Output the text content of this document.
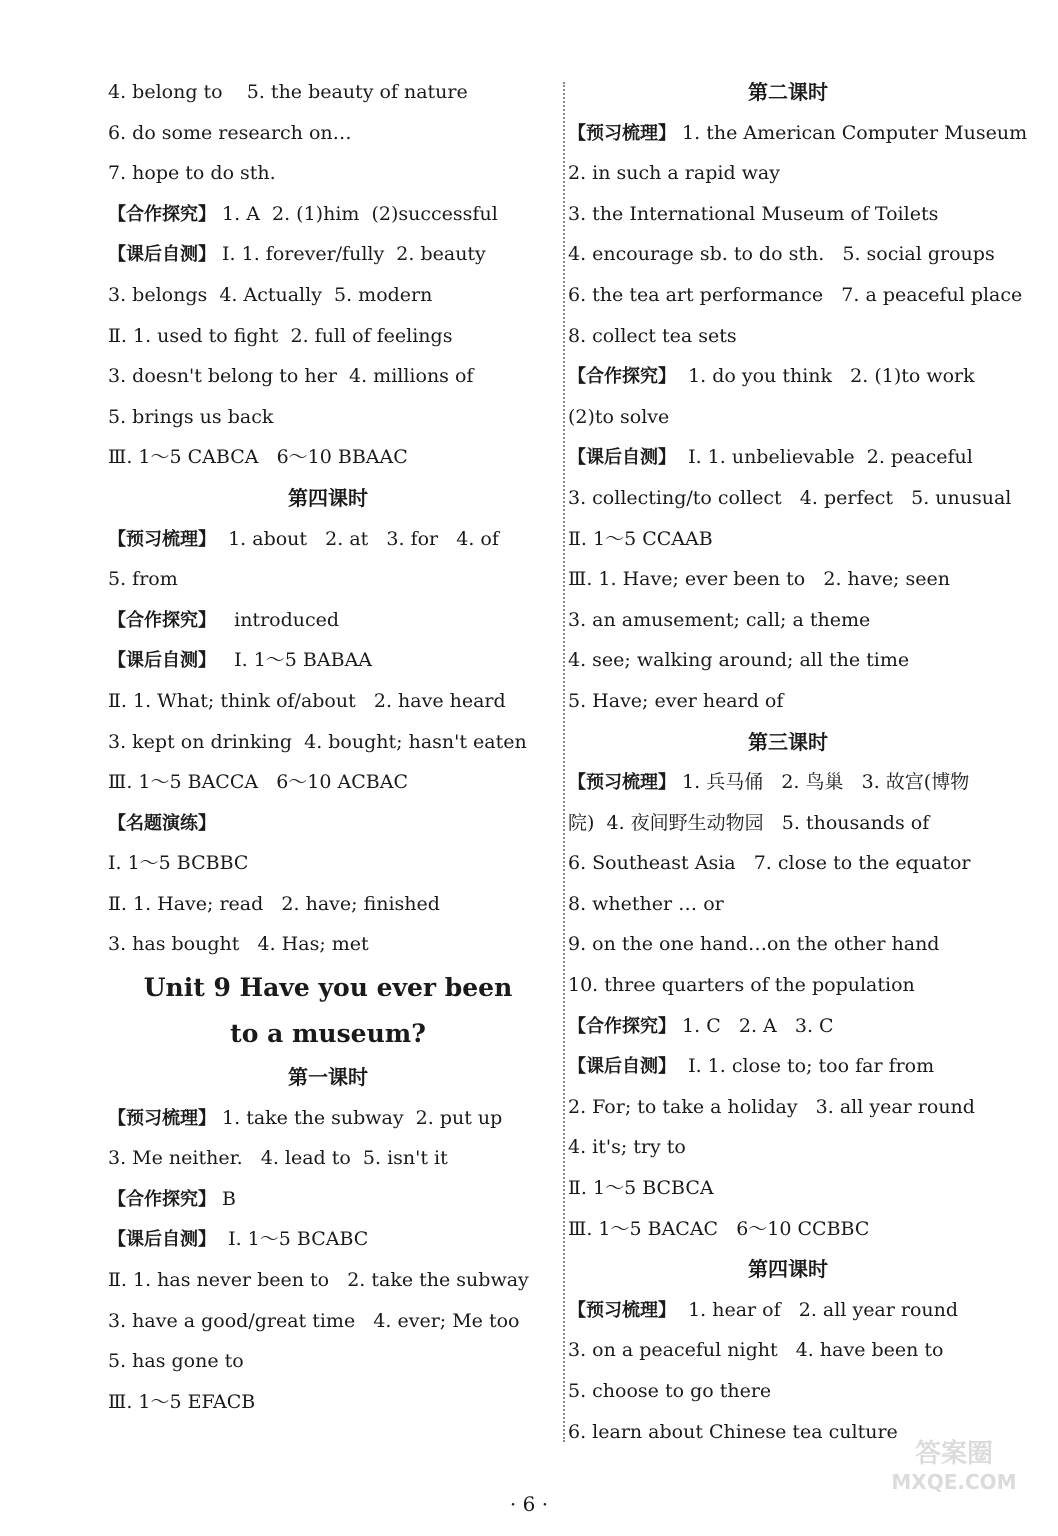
4. belong to    5. the beauty of nature
6. do some research on…
7. hope to do sth.
【合作探究】 1. A  2. (1)him  (2)successful
【课后自测】 Ⅰ. 1. forever/fully  2. beauty
3. belongs  4. Actually  5. modern
Ⅱ. 1. used to fight  2. full of feelings
3. doesn't belong to her  4. millions of
5. brings us back
Ⅲ. 1～5 CABCA   6～10 BBAAC
第四课时
【预习梳理】  1. about   2. at   3. for   4. of
5. from
【合作探究】   introduced
【课后自测】   Ⅰ. 1～5 BABAA
Ⅱ. 1. What; think of/about   2. have heard
3. kept on drinking  4. bought; hasn't eaten
Ⅲ. 1～5 BACCA   6～10 ACBAC
【名题演练】
Ⅰ. 1～5 BCBBC
Ⅱ. 1. Have; read   2. have; finished
3. has bought   4. Has; met
Unit 9 Have you ever been
to a museum?
第一课时
【预习梳理】 1. take the subway  2. put up
3. Me neither.   4. lead to  5. isn't it
【合作探究】 B
【课后自测】  Ⅰ. 1～5 BCABC
Ⅱ. 1. has never been to   2. take the subway
3. have a good/great time   4. ever; Me too
5. has gone to
Ⅲ. 1～5 EFACB
第二课时
【预习梳理】 1. the American Computer Museum
2. in such a rapid way
3. the International Museum of Toilets
4. encourage sb. to do sth.   5. social groups
6. the tea art performance   7. a peaceful place
8. collect tea sets
【合作探究】  1. do you think   2. (1)to work
(2)to solve
【课后自测】  Ⅰ. 1. unbelievable  2. peaceful
3. collecting/to collect   4. perfect   5. unusual
Ⅱ. 1～5 CCAAB
Ⅲ. 1. Have; ever been to   2. have; seen
3. an amusement; call; a theme
4. see; walking around; all the time
5. Have; ever heard of
第三课时
【预习梳理】 1. 兵马俑   2. 鸟巢   3. 故宫(博物
院)  4. 夜间野生动物园   5. thousands of
6. Southeast Asia   7. close to the equator
8. whether … or
9. on the one hand…on the other hand
10. three quarters of the population
【合作探究】 1. C   2. A   3. C
【课后自测】  Ⅰ. 1. close to; too far from
2. For; to take a holiday   3. all year round
4. it's; try to
Ⅱ. 1～5 BCBCA
Ⅲ. 1～5 BACAC   6～10 CCBBC
第四课时
【预习梳理】  1. hear of   2. all year round
3. on a peaceful night   4. have been to
5. choose to go there
6. learn about Chinese tea culture
· 6 ·
答案圈
MXQE.COM
